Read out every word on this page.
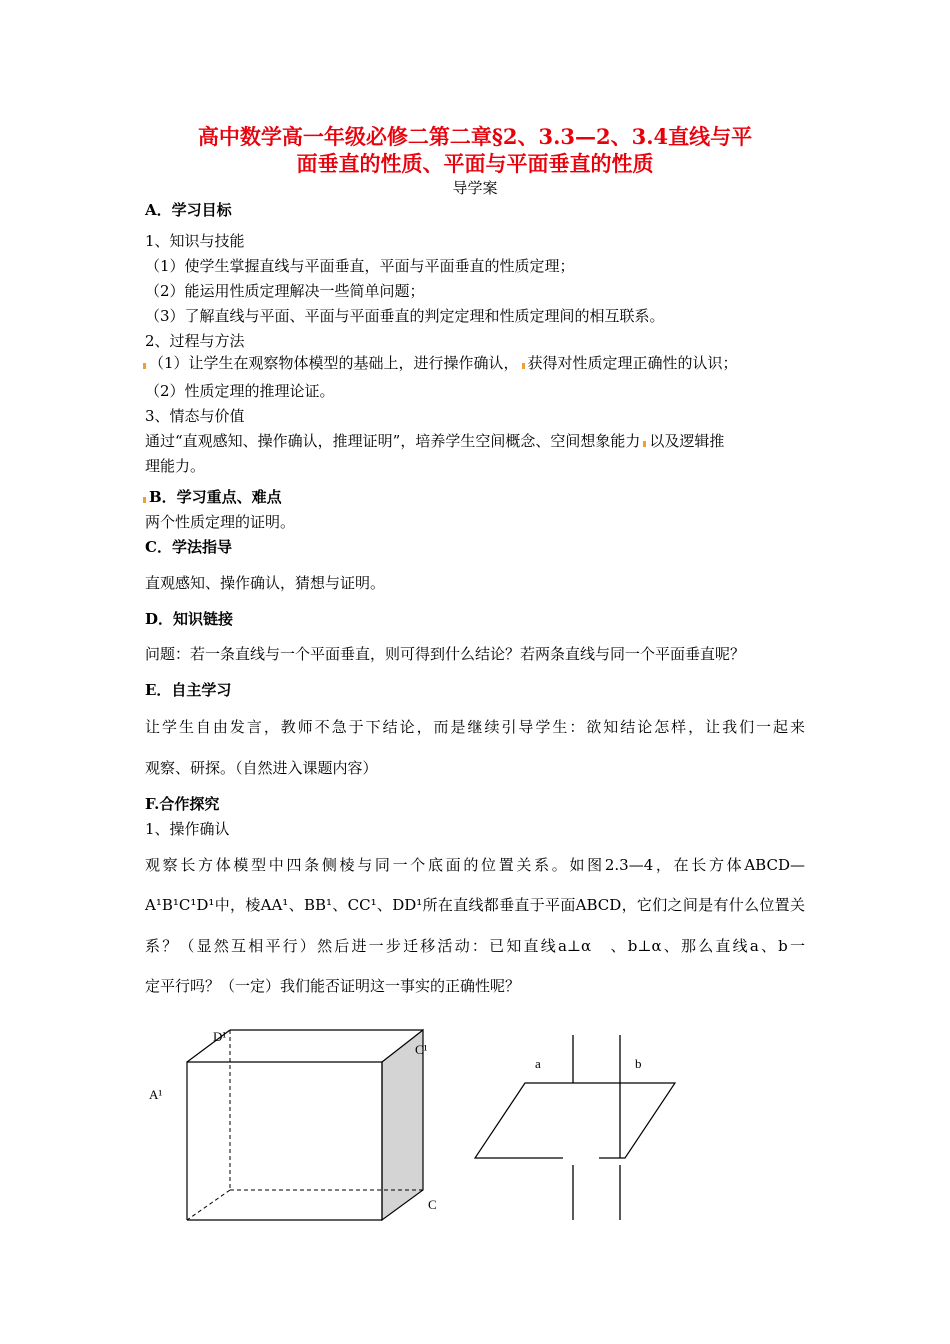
高中数学高一年级必修二第二章§2、3.3—2、3.4直线与平
面垂直的性质、平面与平面垂直的性质
导学案
A．学习目标
1、知识与技能
（1）使学生掌握直线与平面垂直，平面与平面垂直的性质定理；
（2）能运用性质定理解决一些简单问题；
（3）了解直线与平面、平面与平面垂直的判定定理和性质定理间的相互联系。
2、过程与方法
（1）让学生在观察物体模型的基础上，进行操作确认， 获得对性质定理正确性的认识；
（2）性质定理的推理论证。
3、情态与价值
通过“直观感知、操作确认，推理证明”，培养学生空间概念、空间想象能力 以及逻辑推
理能力。
B．学习重点、难点
两个性质定理的证明。
C．学法指导
直观感知、操作确认，猜想与证明。
D．知识链接
问题：若一条直线与一个平面垂直，则可得到什么结论？若两条直线与同一个平面垂直呢？
E．自主学习
让学生自由发言，教师不急于下结论，而是继续引导学生：欲知结论怎样，让我们一起来
观察、研探。（自然进入课题内容）
F.合作探究
1、操作确认
观察长方体模型中四条侧棱与同一个底面的位置关系。如图2.3—4，在长方体ABCD—
A¹B¹C¹D¹中，棱AA¹、BB¹、CC¹、DD¹所在直线都垂直于平面ABCD，它们之间是有什么位置关
系？（显然互相平行）然后进一步迁移活动：已知直线a⊥α　、b⊥α、那么直线a、b一
定平行吗？（一定）我们能否证明这一事实的正确性呢？
D¹
C¹
A¹
C
a	b
